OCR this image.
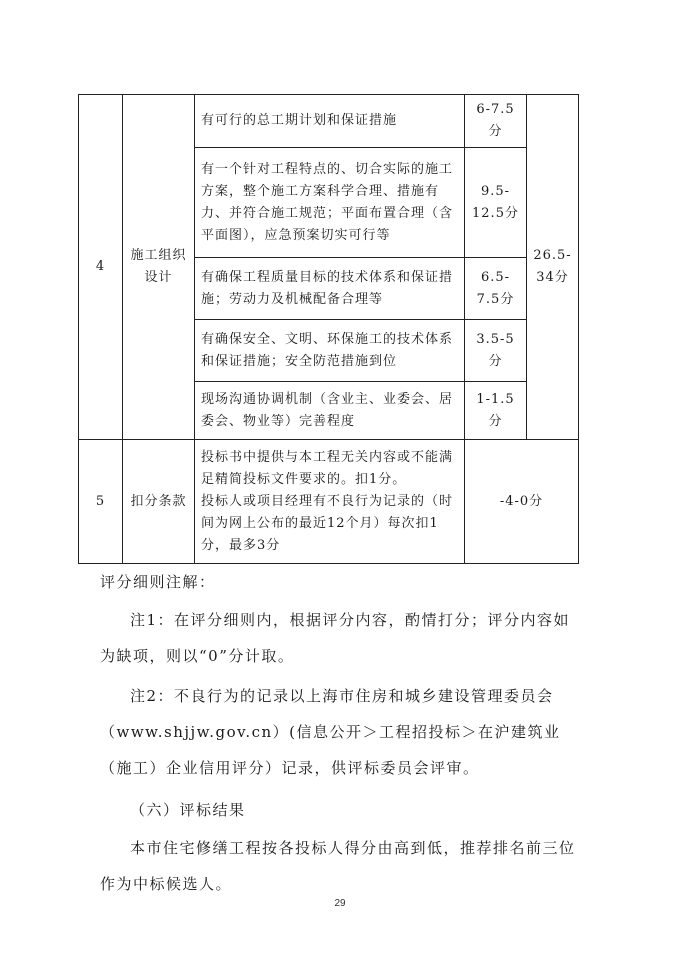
4	施工组织设计	有可行的总工期计划和保证措施	6-7.5分	26.5-34分
		有一个针对工程特点的、切合实际的施工方案，整个施工方案科学合理、措施有力、并符合施工规范；平面布置合理（含平面图），应急预案切实可行等	9.5-12.5分	
		有确保工程质量目标的技术体系和保证措施；劳动力及机械配备合理等	6.5-7.5分	
		有确保安全、文明、环保施工的技术体系和保证措施；安全防范措施到位	3.5-5分	
		现场沟通协调机制（含业主、业委会、居委会、物业等）完善程度	1-1.5分	
5	扣分条款	投标书中提供与本工程无关内容或不能满足精简投标文件要求的。扣1分。
投标人或项目经理有不良行为记录的（时间为网上公布的最近12个月）每次扣1分，最多3分	-4-0分	

评分细则注解：

注1：在评分细则内，根据评分内容，酌情打分；评分内容如为缺项，则以“0”分计取。

注2：不良行为的记录以上海市住房和城乡建设管理委员会（www.shjjw.gov.cn）(信息公开＞工程招投标＞在沪建筑业（施工）企业信用评分）记录，供评标委员会评审。

（六）评标结果

本市住宅修缮工程按各投标人得分由高到低，推荐排名前三位作为中标候选人。

29
